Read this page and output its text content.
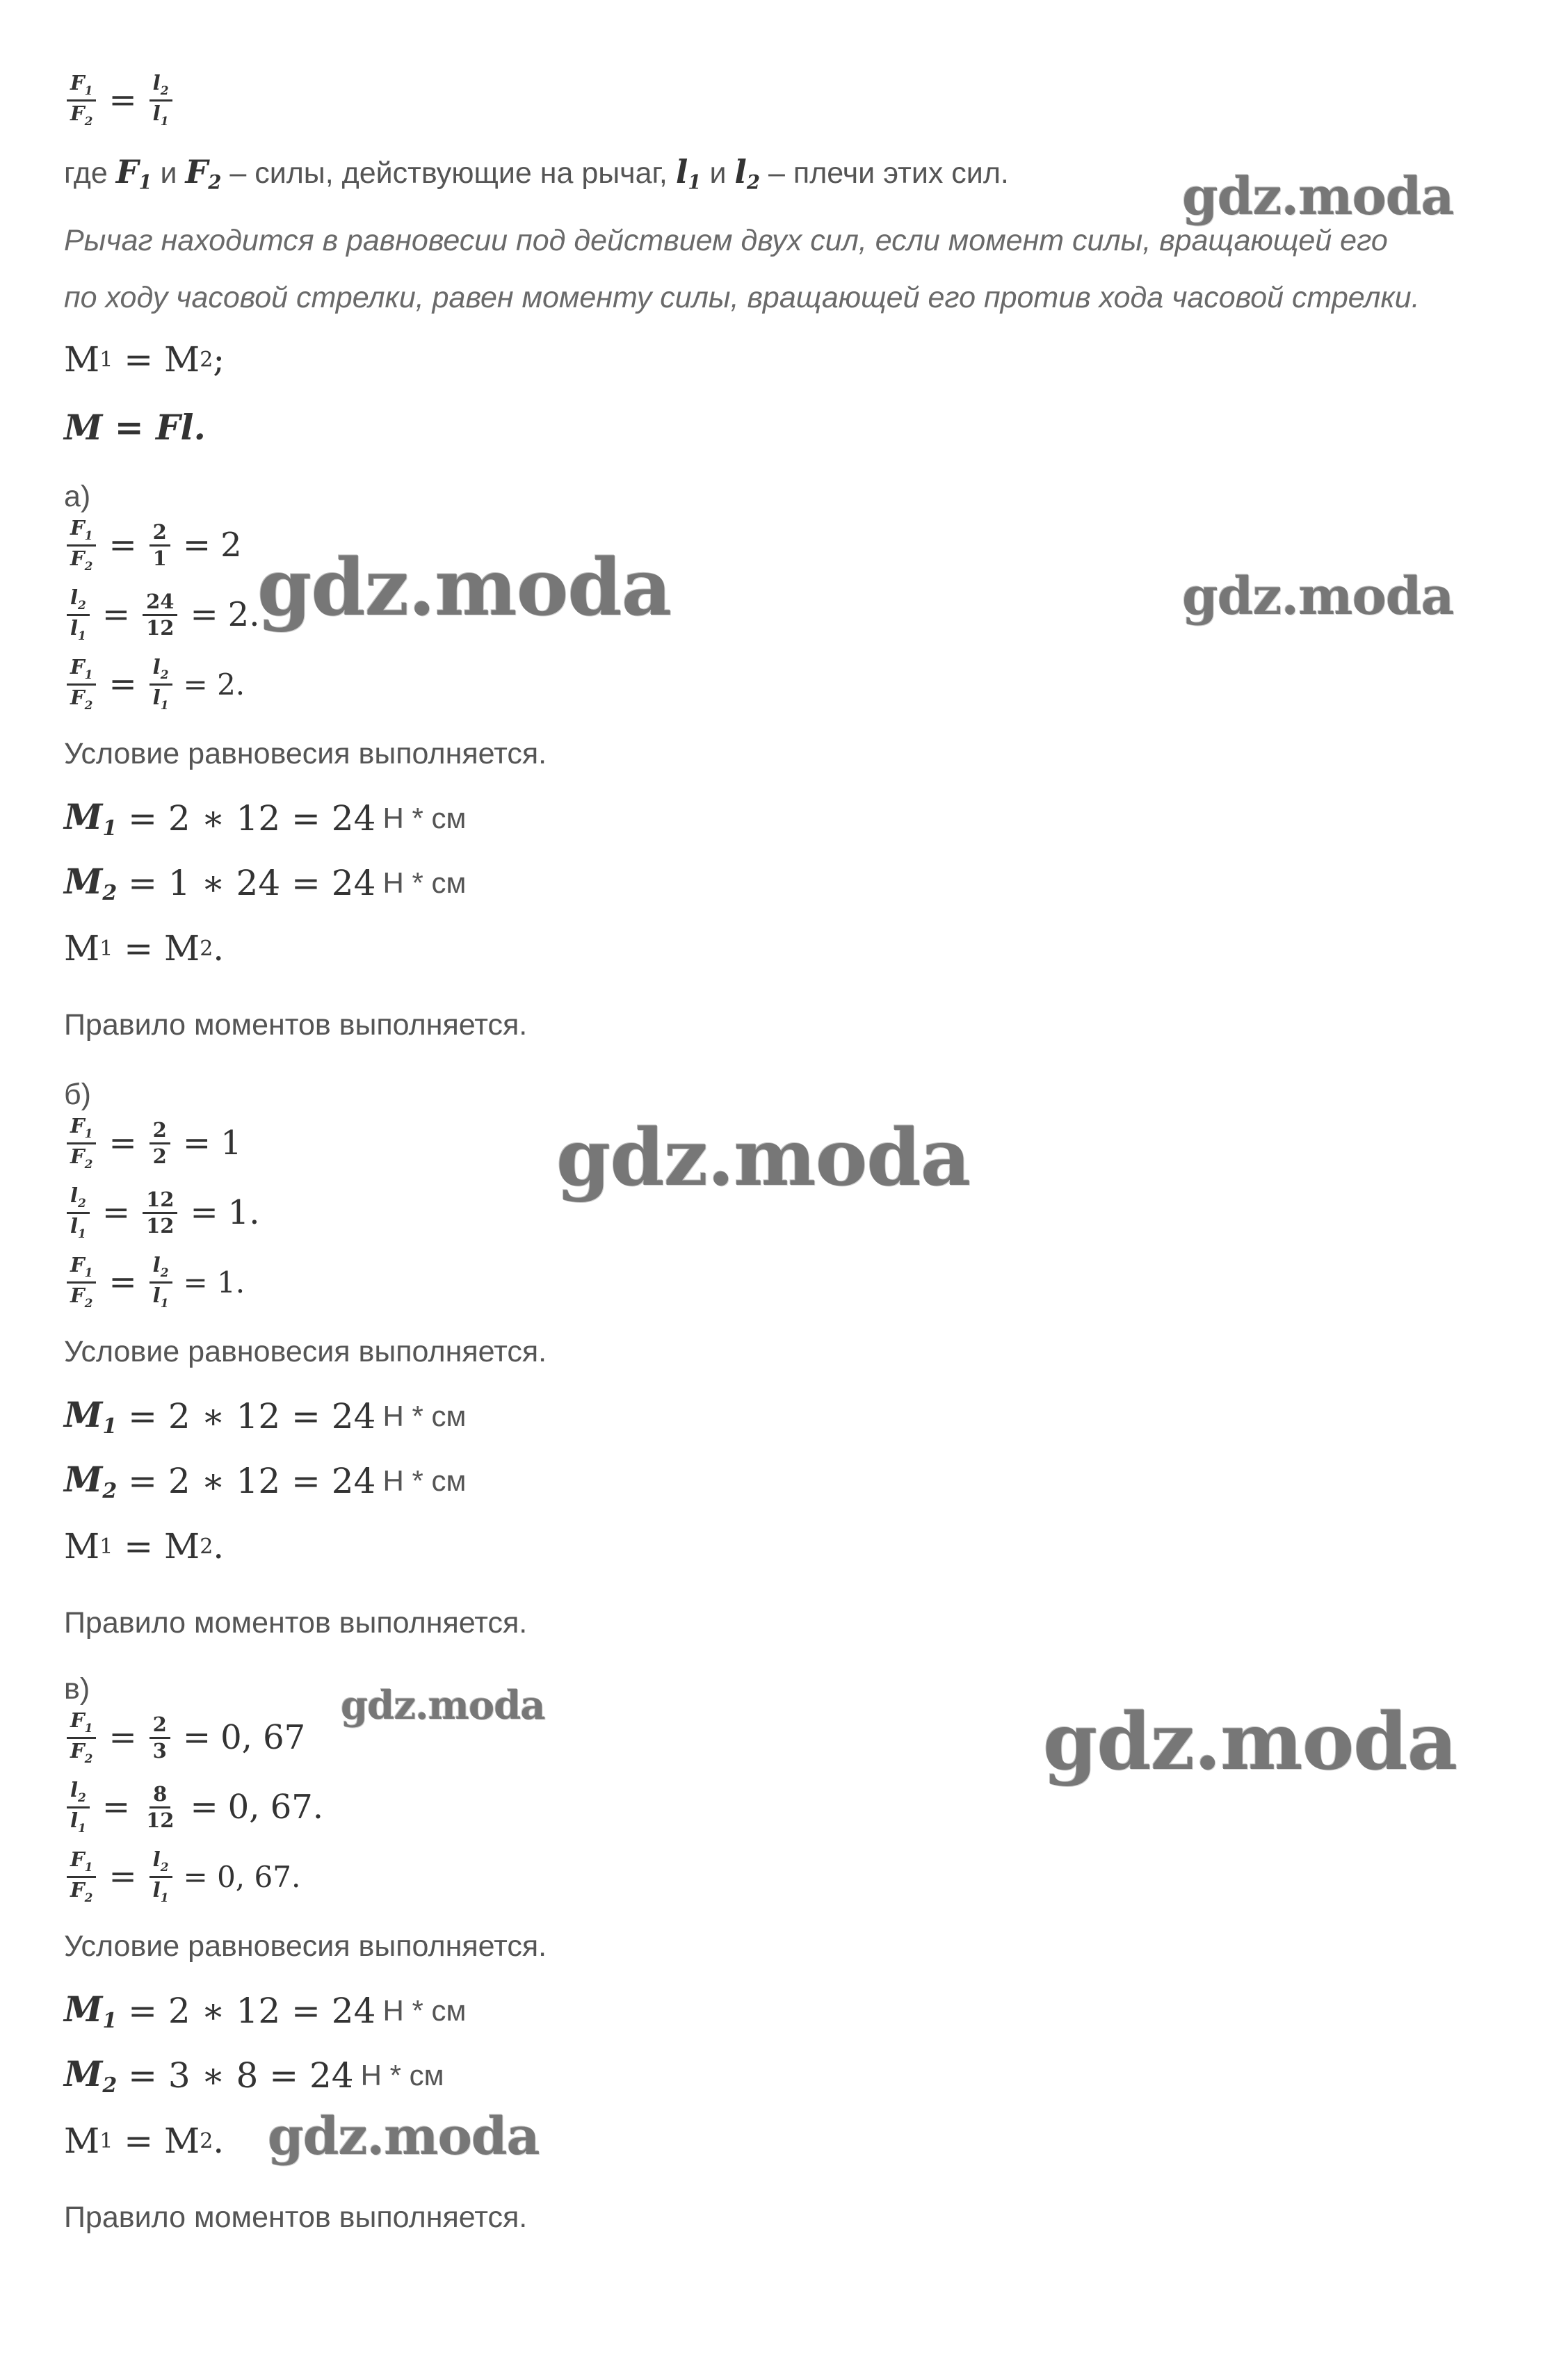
$\frac{F_1}{F_2} = \frac{l_2}{l_1}$
где $F_1$ и $F_2$ – силы, действующие на рычаг, $l_1$ и $l_2$ – плечи этих сил.
Рычаг находится в равновесии под действием двух сил, если момент силы, вращающей его
по ходу часовой стрелки, равен моменту силы, вращающей его против хода часовой стрелки.
M 1 = M 2 ;
M = Fl.
а)
$\frac{F_1}{F_2} = \frac{2}{1} = 2$
$\frac{l_2}{l_1} = \frac{24}{12} = 2$.
$\frac{F_1}{F_2} = \frac{l_2}{l_1} = 2$.
Условие равновесия выполняется.
$M_1 = 2$ ∗ 12 = 24 Н * см
$M_2 = 1$ ∗ 24 = 24 Н * см
M 1 = M 2 .
Правило моментов выполняется.
б)
$\frac{F_1}{F_2} = \frac{2}{2} = 1$
$\frac{l_2}{l_1} = \frac{12}{12} = 1$.
$\frac{F_1}{F_2} = \frac{l_2}{l_1} = 1$.
Условие равновесия выполняется.
$M_1 = 2$ ∗ 12 = 24 Н * см
$M_2 = 2$ ∗ 12 = 24 Н * см
M 1 = M 2 .
Правило моментов выполняется.
в)
$\frac{F_1}{F_2} = \frac{2}{3} = 0$, 67
$\frac{l_2}{l_1} = \frac{8}{12} = 0$, 67.
$\frac{F_1}{F_2} = \frac{l_2}{l_1} = 0$, 67.
Условие равновесия выполняется.
$M_1 = 2$ ∗ 12 = 24 Н * см
$M_2 = 3$ ∗ 8 = 24 Н * см
M 1 = M 2 .
Правило моментов выполняется.
gdz.moda
gdz.moda	gdz.moda
gdz.moda
gdz.moda	gdz.moda
gdz.moda
